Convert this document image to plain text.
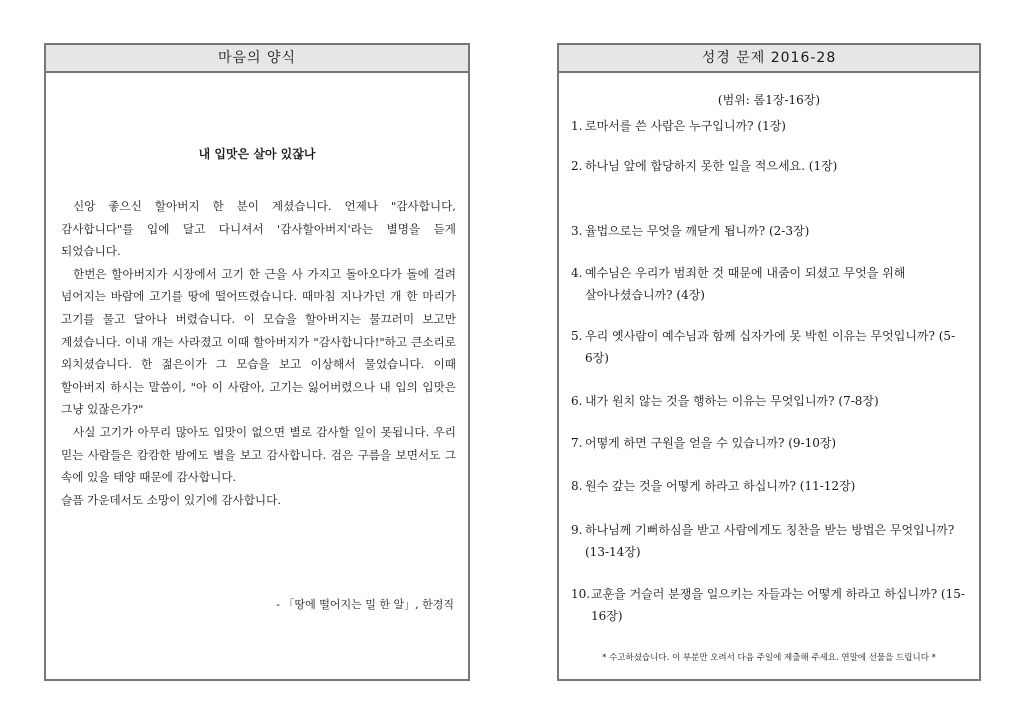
마음의 양식
내 입맛은 살아 있잖나

신앙 좋으신 할아버지 한 분이 계셨습니다. 언제나 "감사합니다, 감사합니다"를 입에 달고 다니셔서 '감사할아버지'라는 별명을 듣게 되었습니다.

한번은 할아버지가 시장에서 고기 한 근을 사 가지고 돌아오다가 돌에 걸려 넘어지는 바람에 고기를 땅에 떨어뜨렸습니다. 때마침 지나가던 개 한 마리가 고기를 물고 달아나 버렸습니다. 이 모습을 할아버지는 물끄러미 보고만 계셨습니다. 이내 개는 사라졌고 이때 할아버지가 "감사합니다!"하고 큰소리로 외치셨습니다. 한 젊은이가 그 모습을 보고 이상해서 물었습니다. 이때 할아버지 하시는 말씀이, "아 이 사람아, 고기는 잃어버렸으나 내 입의 입맛은 그냥 있잖은가?"

사실 고기가 아무리 많아도 입맛이 없으면 별로 감사할 일이 못됩니다. 우리 믿는 사람들은 캄캄한 밤에도 별을 보고 감사합니다. 검은 구름을 보면서도 그 속에 있을 태양 때문에 감사합니다.

슬픔 가운데서도 소망이 있기에 감사합니다.

- 「땅에 떨어지는 밀 한 알」, 한경직
성경 문제 2016-28
(범위: 롬1장-16장)
1. 로마서를 쓴 사람은 누구입니까? (1장)
2. 하나님 앞에 합당하지 못한 일을 적으세요. (1장)
3. 율법으로는 무엇을 깨닫게 됩니까? (2-3장)
4. 예수님은 우리가 범죄한 것 때문에 내줌이 되셨고 무엇을 위해 살아나셨습니까? (4장)
5. 우리 옛사람이 예수님과 함께 십자가에 못 박힌 이유는 무엇입니까? (5-6장)
6. 내가 원치 않는 것을 행하는 이유는 무엇입니까? (7-8장)
7. 어떻게 하면 구원을 얻을 수 있습니까? (9-10장)
8. 원수 갚는 것을 어떻게 하라고 하십니까? (11-12장)
9. 하나님께 기뻐하심을 받고 사람에게도 칭찬을 받는 방법은 무엇입니까? (13-14장)
10. 교훈을 거슬러 분쟁을 일으키는 자들과는 어떻게 하라고 하십니까? (15-16장)
* 수고하셨습니다. 이 부분만 오려서 다음 주일에 제출해 주세요. 연말에 선물을 드립니다 *
